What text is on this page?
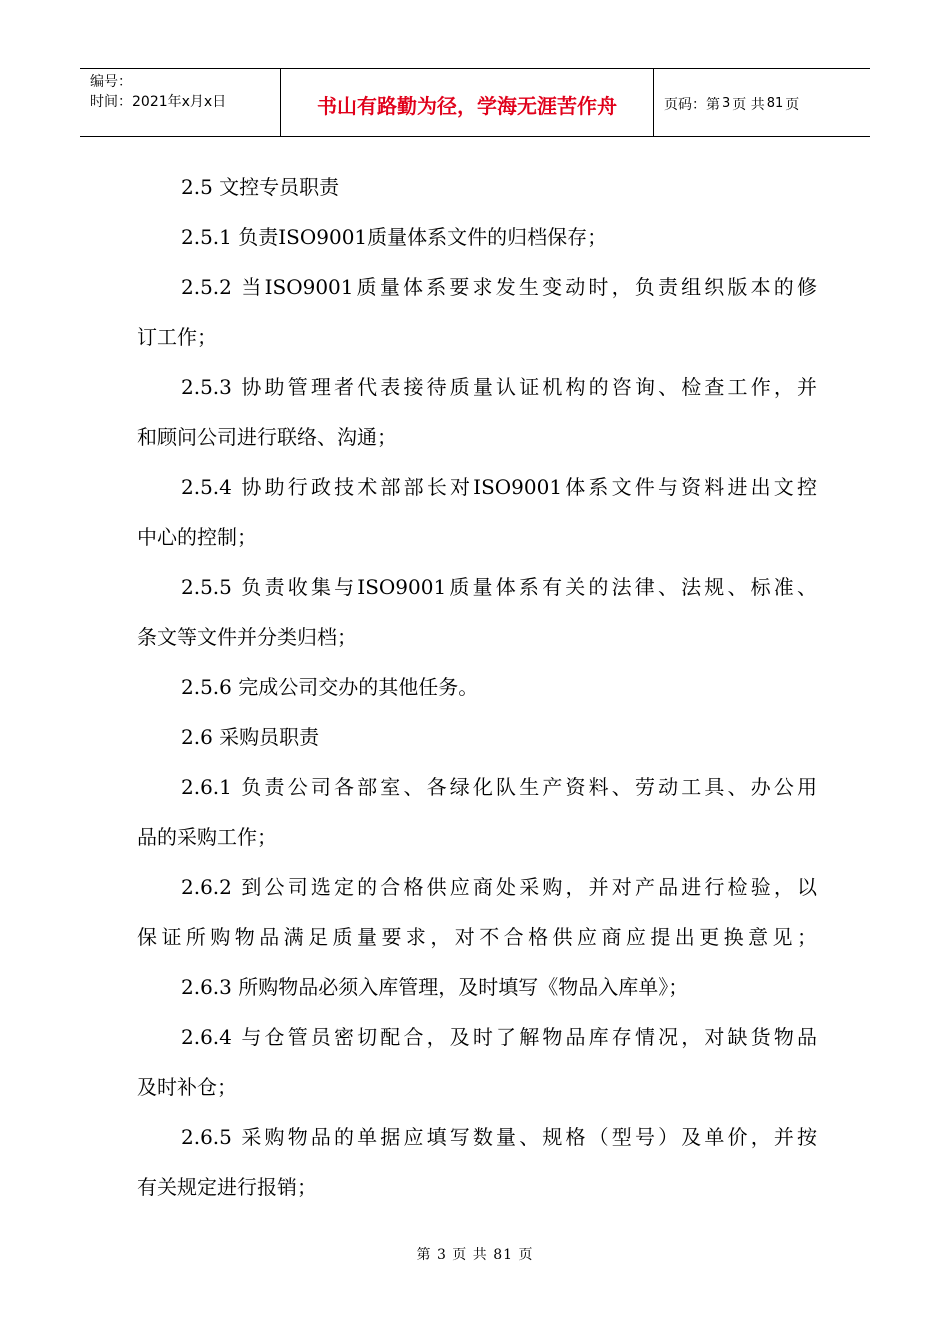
编号：
时间：2021年x月x日	书山有路勤为径，学海无涯苦作舟	页码：第 3 页 共 81 页
2.5 文控专员职责
2.5.1 负责ISO9001质量体系文件的归档保存；
2.5.2 当ISO9001质量体系要求发生变动时，负责组织版本的修
订工作；
2.5.3 协助管理者代表接待质量认证机构的咨询、检查工作，并
和顾问公司进行联络、沟通；
2.5.4 协助行政技术部部长对ISO9001体系文件与资料进出文控
中心的控制；
2.5.5 负责收集与ISO9001质量体系有关的法律、法规、标准、
条文等文件并分类归档；
2.5.6 完成公司交办的其他任务。
2.6 采购员职责
2.6.1 负责公司各部室、各绿化队生产资料、劳动工具、办公用
品的采购工作；
2.6.2 到公司选定的合格供应商处采购，并对产品进行检验，以
保证所购物品满足质量要求，对不合格供应商应提出更换意见；
2.6.3 所购物品必须入库管理，及时填写《物品入库单》；
2.6.4 与仓管员密切配合，及时了解物品库存情况，对缺货物品
及时补仓；
2.6.5 采购物品的单据应填写数量、规格（型号）及单价，并按
有关规定进行报销；
第 3 页 共 81 页
